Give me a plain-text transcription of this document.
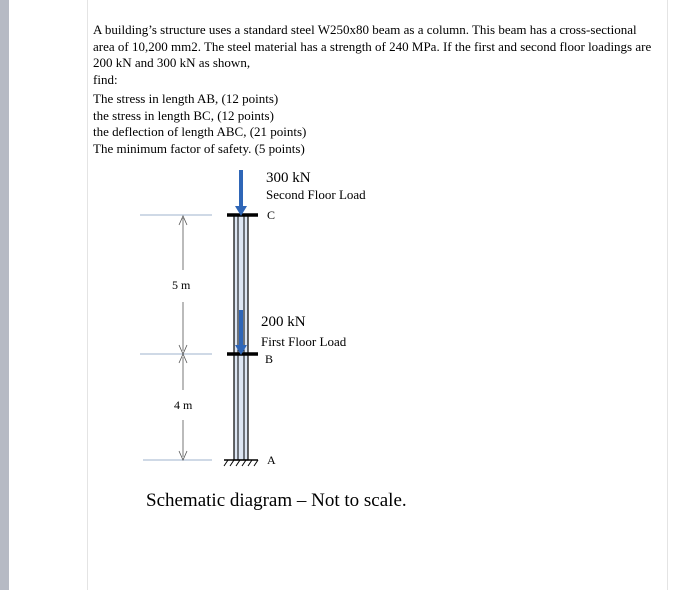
A building’s structure uses a standard steel W250x80 beam as a column. This beam has a cross-sectional area of 10,200 mm2. The steel material has a strength of 240 MPa. If the first and second floor loadings are 200 kN and 300 kN as shown,

find:

The stress in length AB, (12 points)
the stress in length BC, (12 points)
the deflection of length ABC, (21 points)
The minimum factor of safety. (5 points)
300 kN
Second Floor Load
C
200 kN
First Floor Load
B
A
5 m
4 m
Schematic diagram – Not to scale.
